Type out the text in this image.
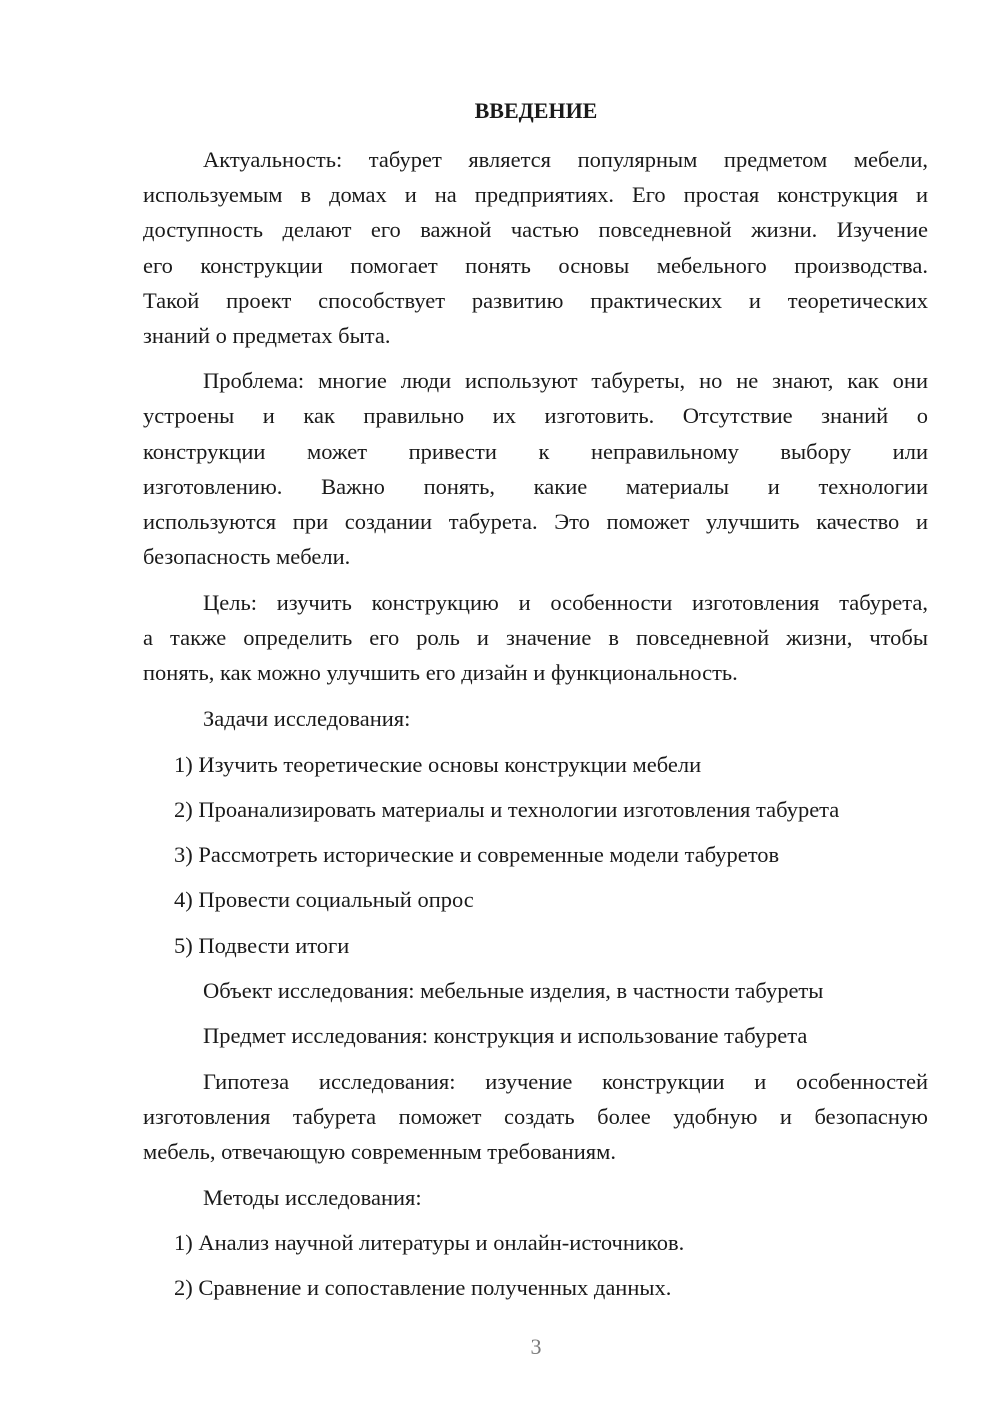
ВВЕДЕНИЕ
Актуальность: табурет является популярным предметом мебели,
используемым в домах и на предприятиях. Его простая конструкция и
доступность делают его важной частью повседневной жизни. Изучение
его конструкции помогает понять основы мебельного производства.
Такой проект способствует развитию практических и теоретических
знаний о предметах быта.
Проблема: многие люди используют табуреты, но не знают, как они
устроены и как правильно их изготовить. Отсутствие знаний о
конструкции может привести к неправильному выбору или
изготовлению. Важно понять, какие материалы и технологии
используются при создании табурета. Это поможет улучшить качество и
безопасность мебели.
Цель: изучить конструкцию и особенности изготовления табурета,
а также определить его роль и значение в повседневной жизни, чтобы
понять, как можно улучшить его дизайн и функциональность.
Задачи исследования:
1) Изучить теоретические основы конструкции мебели
2) Проанализировать материалы и технологии изготовления табурета
3) Рассмотреть исторические и современные модели табуретов
4) Провести социальный опрос
5) Подвести итоги
Объект исследования: мебельные изделия, в частности табуреты
Предмет исследования: конструкция и использование табурета
Гипотеза исследования: изучение конструкции и особенностей
изготовления табурета поможет создать более удобную и безопасную
мебель, отвечающую современным требованиям.
Методы исследования:
1) Анализ научной литературы и онлайн-источников.
2) Сравнение и сопоставление полученных данных.
3
